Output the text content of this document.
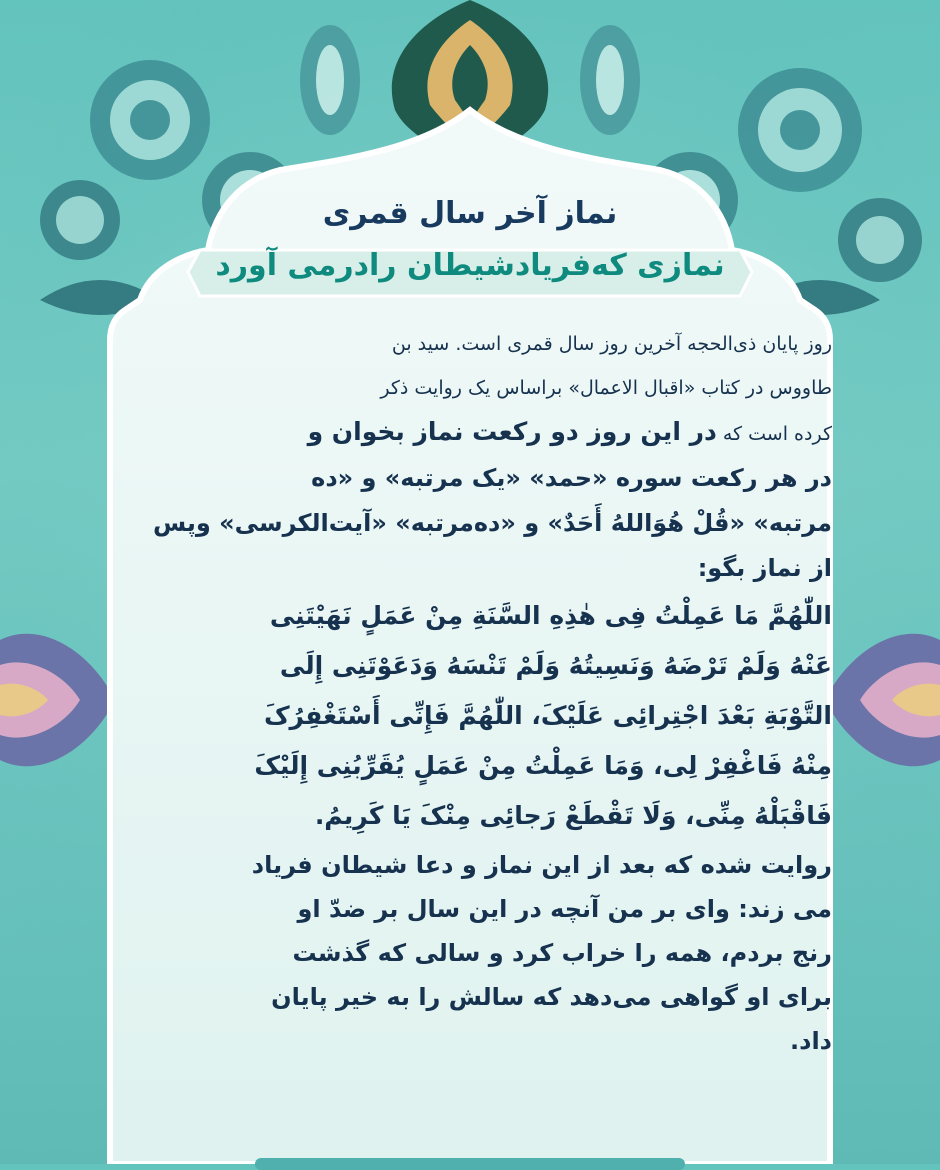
نماز آخر سال قمری
نمازی که‌فریادشیطان رادرمی آورد
روز پایان ذی‌الحجه آخرین روز سال قمری است. سید بن
طاووس در کتاب «اقبال الاعمال» براساس یک روایت ذکر
کرده است که در این روز دو رکعت نماز بخوان و
در هر رکعت سوره «حمد» «یک مرتبه» و «ده
مرتبه» «قُلْ هُوَاللهُ أَحَدٌ» و «ده‌مرتبه» «آیت‌الکرسی» وپس
از نماز بگو:
اللّٰهُمَّ مَا عَمِلْتُ فِی هٰذِهِ السَّنَةِ مِنْ عَمَلٍ نَهَیْتَنِی
عَنْهُ وَلَمْ تَرْضَهُ وَنَسِیتُهُ وَلَمْ تَنْسَهُ وَدَعَوْتَنِی إِلَی
التَّوْبَةِ بَعْدَ اجْتِرائِی عَلَیْکَ، اللّٰهُمَّ فَإِنِّی أَسْتَغْفِرُکَ
مِنْهُ فَاغْفِرْ لِی، وَمَا عَمِلْتُ مِنْ عَمَلٍ یُقَرِّبُنِی إِلَیْکَ
فَاقْبَلْهُ مِنِّی، وَلَا تَقْطَعْ رَجائِی مِنْکَ یَا کَرِیمُ.
روایت شده که بعد از این نماز و دعا شیطان فریاد
می زند: وای بر من آنچه در این سال بر ضدّ او
رنج بردم، همه را خراب کرد و سالی که گذشت
برای او گواهی می‌دهد که سالش را به خیر پایان
داد.
